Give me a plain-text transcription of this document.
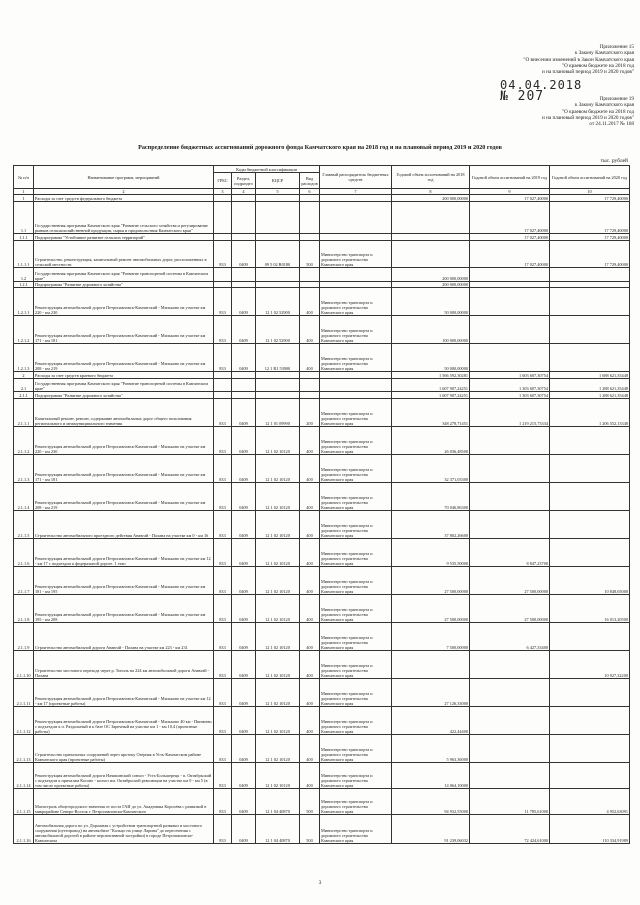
Приложение 15
к Закону Камчатского края
"О внесении изменений в Закон Камчатского края
"О краевом бюджете на 2018 год
и на плановый период 2019 и 2020 годов"
04.04.2018
№ 207	Приложение 19
к Закону Камчатского края
"О краевом бюджете на 2018 год
и на плановый период 2019 и 2020 годов"
от 24.11.2017 № 168
Распределение бюджетных ассигнований дорожного фонда Камчатского края на 2018 год и на плановый период 2019 и 2020 годов
тыс. рублей
№ п/п	Наименование программ, мероприятий	Коды бюджетной классификации				Главный распорядитель бюджетных средств	Годовой объем ассигнований на 2018 год	Годовой объем ассигнований на 2019 год	Годовой объем ассигнований на 2020 год
		ГРБС	Раздел, подраздел	КЦСР	Вид расходов				
1	2	3	4	5	6	7	8	9	10
1	Расходы за счет средств федерального бюджета						200 000,00000	17 027,40000	17 729,40000
1.1	Государственная программа Камчатского края "Развитие сельского хозяйства и регулирование рынков сельскохозяйственной продукции, сырья и продовольствия Камчатского края"							17 027,40000	17 729,40000
1.1.1	Подпрограмма "Устойчивое развитие сельских территорий"							17 027,40000	17 729,40000
1.1.1.1	Строительство, реконструкция, капитальный ремонт автомобильных дорог, расположенных в сельской местности	833	0409	09 5 02 R0180	500	Министерство транспорта и дорожного строительства Камчатского края		17 027,40000	17 729,40000
1.2	Государственная программа Камчатского края "Развитие транспортной системы в Камчатском крае"						200 000,00000		
1.2.1	Подпрограмма "Развитие дорожного хозяйства"						200 000,00000		
1.2.1.1	Реконструкция автомобильной дороги Петропавловск-Камчатский - Мильково на участке км 220 - км 230	833	0409	12 1 02 52900	400	Министерство транспорта и дорожного строительства Камчатского края	50 000,00000		
1.2.1.2	Реконструкция автомобильной дороги Петропавловск-Камчатский - Мильково на участке км 171 - км 181	833	0409	12 1 02 52900	400	Министерство транспорта и дорожного строительства Камчатского края	100 000,00000		
1.2.1.3	Реконструкция автомобильной дороги Петропавловск-Камчатский - Мильково на участке км 208 - км 219	833	0409	12 1 R1 53900	400	Министерство транспорта и дорожного строительства Камчатского края	50 000,00000		
2	Расходы за счет средств краевого бюджета						1 566 592,30281	1 603 607,30754	1 688 621,35448
2.1	Государственная программа Камчатского края "Развитие транспортной системы в Камчатском крае"						1 607 907,24251	1 303 607,30754	1 288 621,35448
2.1.1	Подпрограмма "Развитие дорожного хозяйства"						1 607 907,24251	1 303 607,30754	1 288 621,35448
2.1.1.1	Капитальный ремонт, ремонт, содержание автомобильных дорог общего пользования регионального и межмуниципального значения	833	0409	12 1 01 09990	200	Министерство транспорта и дорожного строительства Камчатского края	348 278,71451	1 219 215,73334	1 206 552,13348
2.1.1.2	Реконструкция автомобильной дороги Петропавловск-Камчатский - Мильково на участке км 220 - км 230	833	0409	12 1 02 10120	400	Министерство транспорта и дорожного строительства Камчатского края	26 036,48500		
2.1.1.3	Реконструкция автомобильной дороги Петропавловск-Камчатский - Мильково на участке км 171 - км 181	833	0409	12 1 02 10120	400	Министерство транспорта и дорожного строительства Камчатского края	32 371,03300		
2.1.1.4	Реконструкция автомобильной дороги Петропавловск-Камчатский - Мильково на участке км 208 - км 219	833	0409	12 1 02 10120	400	Министерство транспорта и дорожного строительства Камчатского края	70 046,86300		
2.1.1.5	Строительство автомобильного проездного действия Анавгай - Палана на участке км 0 - км 16	833	0409	12 1 02 10120	400	Министерство транспорта и дорожного строительства Камчатского края	37 802,26600		
2.1.1.6	Реконструкция автомобильной дороги Петропавловск-Камчатский - Мильково на участке км 12 - км 17 с подъездом к федеральной дороге. 1 этап	833	0409	12 1 02 10120	400	Министерство транспорта и дорожного строительства Камчатского края	9 535,50000	8 847,23700	
2.1.1.7	Реконструкция автомобильной дороги Петропавловск-Камчатский - Мильково на участке км 181 - км 195	833	0409	12 1 02 10120	400	Министерство транспорта и дорожного строительства Камчатского края	27 500,00000	27 500,00000	10 848,65000
2.1.1.8	Реконструкция автомобильной дороги Петропавловск-Камчатский - Мильково на участке км 195 - км 208	833	0409	12 1 02 10120	400	Министерство транспорта и дорожного строительства Камчатского края	27 500,00000	27 500,00000	16 013,20500
2.1.1.9	Строительство автомобильной дороги Анавгай - Палана на участке км 223 - км 231	833	0409	12 1 02 10120	400	Министерство транспорта и дорожного строительства Камчатского края	7 500,00000	6 427,33400	
2.1.1.10	Строительство мостового перехода через р. Тигиль на 224 км автомобильной дороги Анавгай - Палана	833	0409	12 1 02 10120	400	Министерство транспорта и дорожного строительства Камчатского края			10 927,32200
2.1.1.11	Реконструкция автомобильной дороги Петропавловск-Камчатский - Мильково на участке км 12 - км 17 (проектные работы)	833	0409	12 1 02 10120	400	Министерство транспорта и дорожного строительства Камчатского края	27 126,33000		
2.1.1.12	Реконструкция автомобильной дороги Петропавловск-Камчатский - Мильково 40 км - Пиначево с подъездом к п. Раздольный и к базе ОС Заречный на участке км 1 - км 10,4 (проектные работы)	833	0409	12 1 02 10120	400	Министерство транспорта и дорожного строительства Камчатского края	422,44400		
2.1.1.13	Строительство причальных сооружений через протоку Озерная в Усть-Камчатском районе Камчатского края (проектные работы)	833	0409	12 1 02 10120	400	Министерство транспорта и дорожного строительства Камчатского края	5 963,36000		
2.1.1.14	Реконструкция автомобильной дороги Начикинский совхоз - Усть-Большерецк - п. Октябрьский с подъездом к причалам Косово - колхоз им. Октябрьской революции на участке км 0 - км 5 (в том числе проектные работы)	833	0409	12 1 02 10120	400	Министерство транспорта и дорожного строительства Камчатского края	14 064,10000		
2.1.1.15	Магистраль общегородского значения от поста ГАИ до ул. Академика Королёва с развязкой в микрорайоне Северо-Восток г. Петропавловска-Камчатского	833	0409	12 1 04 40870	500	Министерство транспорта и дорожного строительства Камчатского края	94 932,55000	11 785,61000	4 952,63091
2.1.1.16	Автомобильная дорога по ул. Дорожная с устройством транспортной развязки и мостового сооружения (путепровод) на автомобиле "Кольцо на улице Ларина" до пересечения с автомобильной дорогой в районе перспективной застройки) в городе Петропавловске-Камчатском	833	0409	12 1 04 40870	500	Министерство транспорта и дорожного строительства Камчатского края	91 239,06032	72 424,61000	110 334,91989
3
